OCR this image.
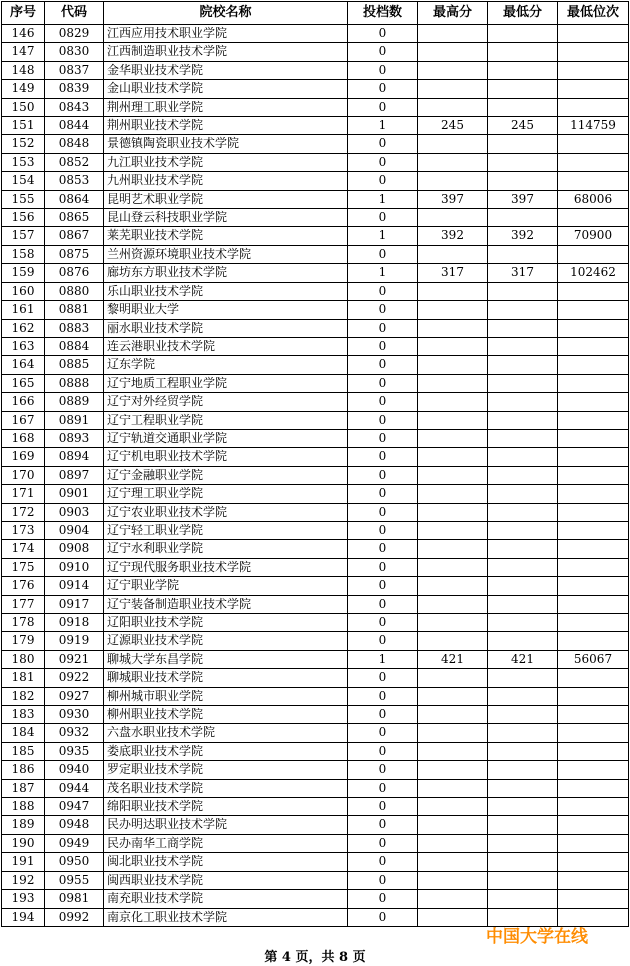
序号	代码	院校名称	投档数	最高分	最低分	最低位次
146	0829	江西应用技术职业学院	0			
147	0830	江西制造职业技术学院	0			
148	0837	金华职业技术学院	0			
149	0839	金山职业技术学院	0			
150	0843	荆州理工职业学院	0			
151	0844	荆州职业技术学院	1	245	245	114759
152	0848	景德镇陶瓷职业技术学院	0			
153	0852	九江职业技术学院	0			
154	0853	九州职业技术学院	0			
155	0864	昆明艺术职业学院	1	397	397	68006
156	0865	昆山登云科技职业学院	0			
157	0867	莱芜职业技术学院	1	392	392	70900
158	0875	兰州资源环境职业技术学院	0			
159	0876	廊坊东方职业技术学院	1	317	317	102462
160	0880	乐山职业技术学院	0			
161	0881	黎明职业大学	0			
162	0883	丽水职业技术学院	0			
163	0884	连云港职业技术学院	0			
164	0885	辽东学院	0			
165	0888	辽宁地质工程职业学院	0			
166	0889	辽宁对外经贸学院	0			
167	0891	辽宁工程职业学院	0			
168	0893	辽宁轨道交通职业学院	0			
169	0894	辽宁机电职业技术学院	0			
170	0897	辽宁金融职业学院	0			
171	0901	辽宁理工职业学院	0			
172	0903	辽宁农业职业技术学院	0			
173	0904	辽宁轻工职业学院	0			
174	0908	辽宁水利职业学院	0			
175	0910	辽宁现代服务职业技术学院	0			
176	0914	辽宁职业学院	0			
177	0917	辽宁装备制造职业技术学院	0			
178	0918	辽阳职业技术学院	0			
179	0919	辽源职业技术学院	0			
180	0921	聊城大学东昌学院	1	421	421	56067
181	0922	聊城职业技术学院	0			
182	0927	柳州城市职业学院	0			
183	0930	柳州职业技术学院	0			
184	0932	六盘水职业技术学院	0			
185	0935	娄底职业技术学院	0			
186	0940	罗定职业技术学院	0			
187	0944	茂名职业技术学院	0			
188	0947	绵阳职业技术学院	0			
189	0948	民办明达职业技术学院	0			
190	0949	民办南华工商学院	0			
191	0950	闽北职业技术学院	0			
192	0955	闽西职业技术学院	0			
193	0981	南充职业技术学院	0			
194	0992	南京化工职业技术学院	0			
第 4 页，共 8 页
中国大学在线
